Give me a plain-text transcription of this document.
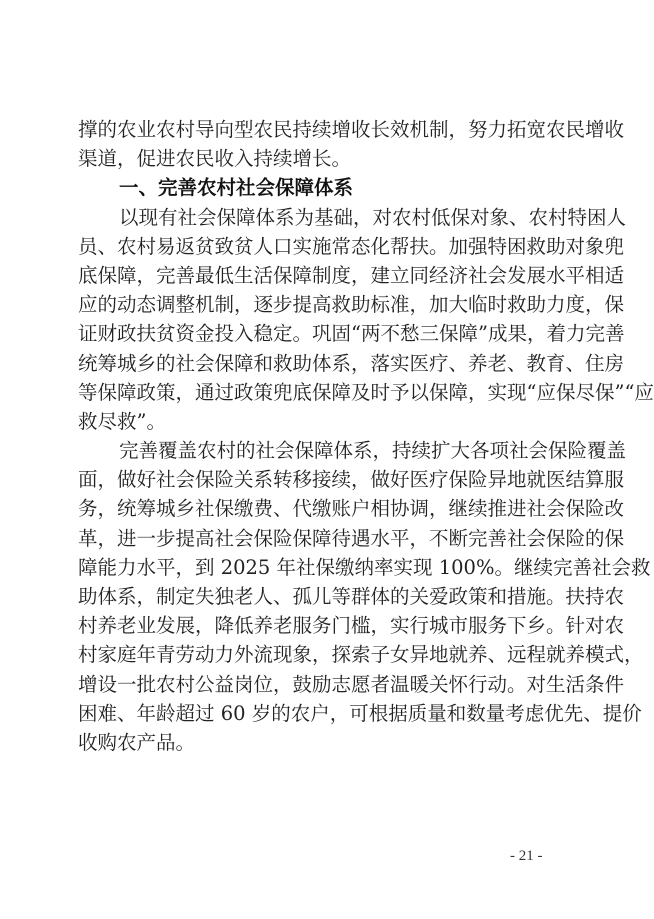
撑的农业农村导向型农民持续增收长效机制，努力拓宽农民增收
渠道，促进农民收入持续增长。
一、完善农村社会保障体系
以现有社会保障体系为基础，对农村低保对象、农村特困人
员、农村易返贫致贫人口实施常态化帮扶。加强特困救助对象兜
底保障，完善最低生活保障制度，建立同经济社会发展水平相适
应的动态调整机制，逐步提高救助标准，加大临时救助力度，保
证财政扶贫资金投入稳定。巩固“两不愁三保障”成果，着力完善
统筹城乡的社会保障和救助体系，落实医疗、养老、教育、住房
等保障政策，通过政策兜底保障及时予以保障，实现“应保尽保”“应
救尽救”。
完善覆盖农村的社会保障体系，持续扩大各项社会保险覆盖
面，做好社会保险关系转移接续，做好医疗保险异地就医结算服
务，统筹城乡社保缴费、代缴账户相协调，继续推进社会保险改
革，进一步提高社会保险保障待遇水平，不断完善社会保险的保
障能力水平，到 2025 年社保缴纳率实现 100%。继续完善社会救
助体系，制定失独老人、孤儿等群体的关爱政策和措施。扶持农
村养老业发展，降低养老服务门槛，实行城市服务下乡。针对农
村家庭年青劳动力外流现象，探索子女异地就养、远程就养模式，
增设一批农村公益岗位，鼓励志愿者温暖关怀行动。对生活条件
困难、年龄超过 60 岁的农户，可根据质量和数量考虑优先、提价
收购农产品。
- 21 -
